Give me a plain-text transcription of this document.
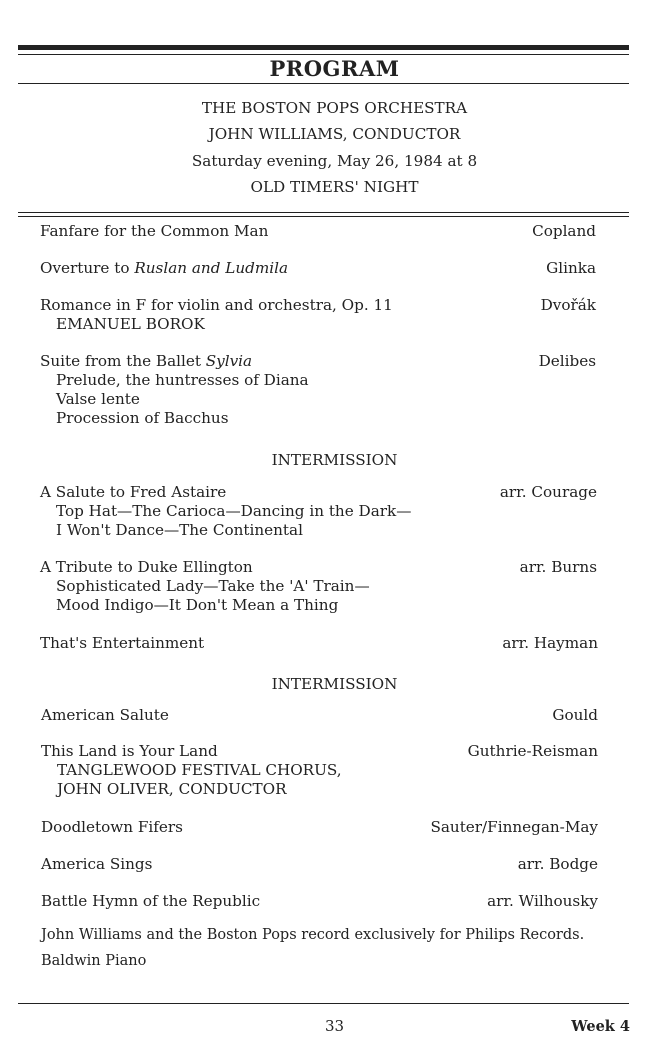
PROGRAM
THE BOSTON POPS ORCHESTRA
JOHN WILLIAMS, CONDUCTOR
Saturday evening, May 26, 1984 at 8
OLD TIMERS' NIGHT
Fanfare for the Common Man	Copland
Overture to Ruslan and Ludmila	Glinka
Romance in F for violin and orchestra, Op. 11	Dvořák
EMANUEL BOROK
Suite from the Ballet Sylvia	Delibes
Prelude, the huntresses of Diana
Valse lente
Procession of Bacchus
INTERMISSION
A Salute to Fred Astaire	arr. Courage
Top Hat—The Carioca—Dancing in the Dark—
I Won't Dance—The Continental
A Tribute to Duke Ellington	arr. Burns
Sophisticated Lady—Take the 'A' Train—
Mood Indigo—It Don't Mean a Thing
That's Entertainment	arr. Hayman
INTERMISSION
American Salute	Gould
This Land is Your Land	Guthrie-Reisman
TANGLEWOOD FESTIVAL CHORUS,
JOHN OLIVER, CONDUCTOR
Doodletown Fifers	Sauter/Finnegan-May
America Sings	arr. Bodge
Battle Hymn of the Republic	arr. Wilhousky
John Williams and the Boston Pops record exclusively for Philips Records.
Baldwin Piano
33	Week 4
